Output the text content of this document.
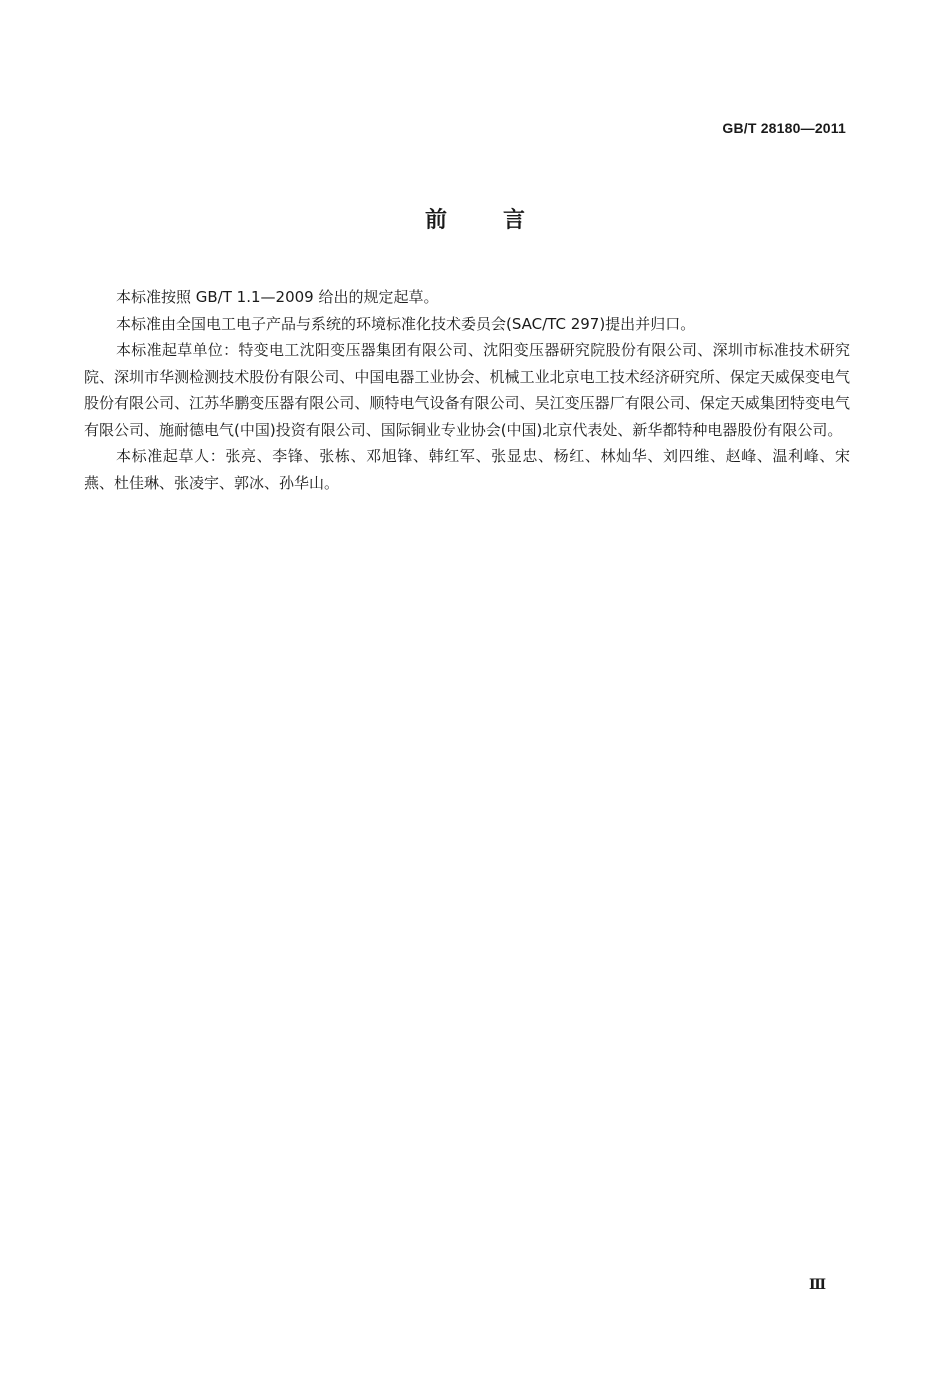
GB/T 28180—2011
前	言

本标准按照 GB/T 1.1—2009 给出的规定起草。

本标准由全国电工电子产品与系统的环境标准化技术委员会(SAC/TC 297)提出并归口。

本标准起草单位：特变电工沈阳变压器集团有限公司、沈阳变压器研究院股份有限公司、深圳市标准技术研究院、深圳市华测检测技术股份有限公司、中国电器工业协会、机械工业北京电工技术经济研究所、保定天威保变电气股份有限公司、江苏华鹏变压器有限公司、顺特电气设备有限公司、吴江变压器厂有限公司、保定天威集团特变电气有限公司、施耐德电气(中国)投资有限公司、国际铜业专业协会(中国)北京代表处、新华都特种电器股份有限公司。

本标准起草人：张亮、李锋、张栋、邓旭锋、韩红军、张显忠、杨红、林灿华、刘四维、赵峰、温利峰、宋燕、杜佳琳、张凌宇、郭冰、孙华山。

Ⅲ
